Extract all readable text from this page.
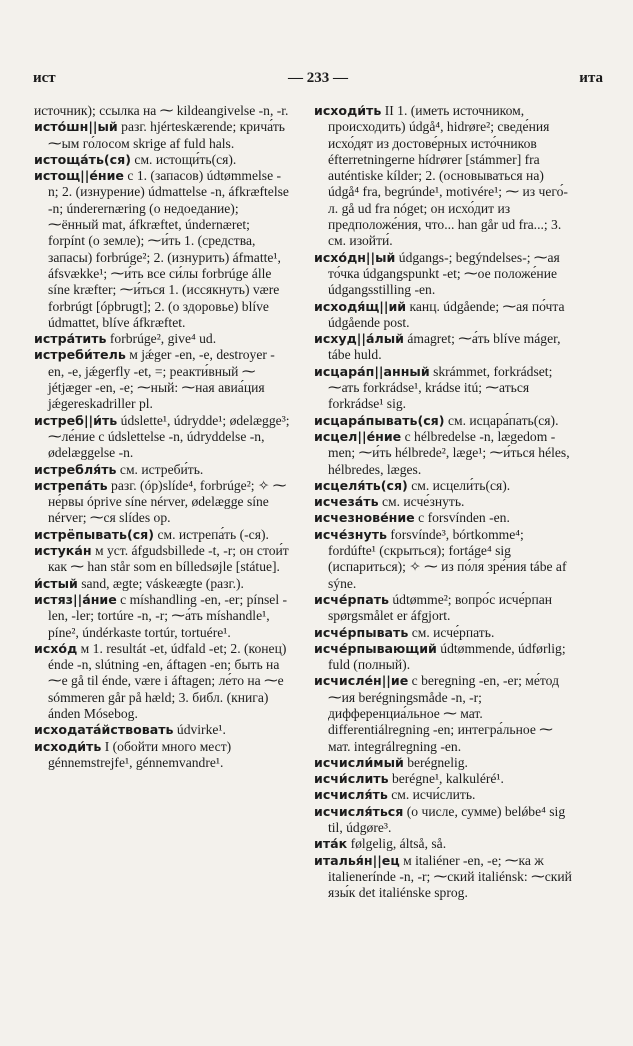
ист	— 233 —	ита

источник); ссылка на ⁓ kildeangivelse -n, -r.

исто́шн||ый разг. hjérteskærende; крича́ть ⁓ым го́лосом skrige af fuld hals.

истоща́ть(ся) см. истощи́ть(ся).

истощ||е́ние с 1. (запасов) údtømmelse -n; 2. (изнурение) údmattelse -n, áfkræftelse -n; únderernæring (о недоедание); ⁓ённый mat, áfkræftet, úndernæret; forpínt (о земле); ⁓и́ть 1. (средства, запасы) forbrúge²; 2. (изнурить) áfmatte¹, áfsvække¹; ⁓и́ть все си́лы forbrúge álle síne kræfter; ⁓и́ться 1. (иссякнуть) være forbrúgt [ópbrugt]; 2. (о здоровье) blíve údmattet, blíve áfkræftet.

истра́тить forbrúge², give⁴ ud.

истреби́тель м jǽger -en, -e, destroyer -en, -e, jǽgerfly -et, =; реакти́вный ⁓ jétjæger -en, -e; ⁓ный: ⁓ная авиа́ция jǽgereskadriller pl.

истреб||и́ть údslette¹, údrydde¹; ødelægge³; ⁓ле́ние с údslettelse -n, údryddelse -n, ødelæggelse -n.

истребля́ть см. истреби́ть.

истрепа́ть разг. (óp)slíde⁴, forbrúge²; ✧ ⁓ не́рвы óprive síne nérver, ødelægge síne nérver; ⁓ся slídes op.

истрёпывать(ся) см. истрепа́ть (-ся).

истука́н м уст. áfgudsbillede -t, -r; он стои́т как ⁓ han står som en bílledsøjle [státue].

и́стый sand, ægte; váskeægte (разг.).

истяз||а́ние с míshandling -en, -er; pínsel -len, -ler; tortúre -n, -r; ⁓а́ть míshandle¹, píne², úndérkaste tortúr, tortuére¹.

исхо́д м 1. resultát -et, údfald -et; 2. (конец) énde -n, slútning -en, áftagen -en; быть на ⁓е gå til énde, være i áftagen; ле́то на ⁓е sómmeren går på hæld; 3. библ. (книга) ánden Mósebog.

исходатáйствовать údvirke¹.

исходи́ть I (обойти много мест) génnemstrejfe¹, génnemvandre¹.

исходи́ть II 1. (иметь источником, происходить) údgå⁴, hidrøre²; сведе́ния исхо́дят из достове́рных исто́чников éfterretningerne hídrører [stámmer] fra auténtiske kílder; 2. (основываться на) údgå⁴ fra, begrúnde¹, motivére¹; ⁓ из чего́-л. gå ud fra nóget; он исхо́дит из предположе́ния, что... han går ud fra...; 3. см. изойти́.

исхо́дн||ый údgangs-; begýndelses-; ⁓ая то́чка údgangspunkt -et; ⁓ое положе́ние údgangsstilling -en.

исходя́щ||ий канц. údgående; ⁓ая по́чта údgående post.

исхуд||а́лый ámagret; ⁓а́ть blíve máger, tábe huld.

исцара́п||анный skrámmet, forkrádset; ⁓ать forkrádse¹, krádse itú; ⁓аться forkrádse¹ sig.

исцара́пывать(ся) см. исцара́пать(ся).

исцел||е́ние с hélbredelse -n, lægedom -men; ⁓и́ть hélbrede², læge¹; ⁓и́ться héles, hélbredes, læges.

исцеля́ть(ся) см. исцели́ть(ся).

исчеза́ть см. исче́знуть.

исчезнове́ние с forsvínden -en.

исче́знуть forsvínde³, bórtkomme⁴; fordúfte¹ (скрыться); fortáge⁴ sig (испариться); ✧ ⁓ из по́ля зре́ния tábe af sýne.

исче́рпать údtømme²; вопро́с исче́рпан spørgsmålet er áfgjort.

исче́рпывать см. исче́рпать.

исче́рпывающий údtømmende, údførlig; fuld (полный).

исчисле́н||ие с beregning -en, -er; ме́тод ⁓ия berégningsmåde -n, -r; дифференциа́льное ⁓ мат. differentiálregning -en; интегра́льное ⁓ мат. integrálregning -en.

исчисли́мый berégnelig.

исчи́слить berégne¹, kalkuléré¹.

исчисля́ть см. исчи́слить.

исчисля́ться (о числе, сумме) belǿbe⁴ sig til, údgøre³.

ита́к følgelig, áltså, så.

италья́н||ец м italiéner -en, -e; ⁓ка ж italienerínde -n, -r; ⁓ский italiénsk: ⁓ский язы́к det italiénske sprog.
